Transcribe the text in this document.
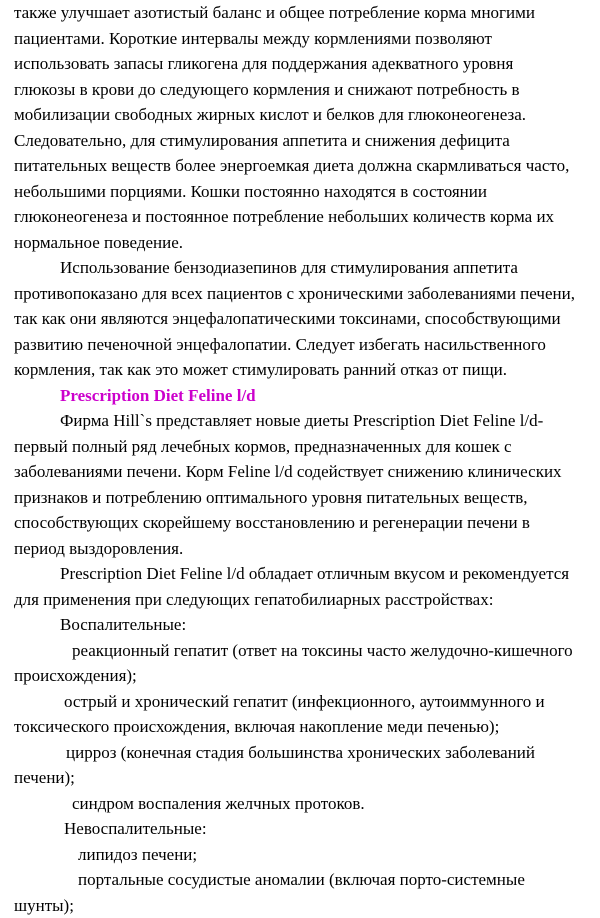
также улучшает азотистый баланс и общее потребление корма многими

пациентами. Короткие интервалы между кормлениями позволяют

использовать запасы гликогена для поддержания адекватного уровня

глюкозы в крови до следующего кормления и снижают потребность в

мобилизации свободных жирных кислот и белков для глюконеогенеза.

Следовательно, для стимулирования аппетита и снижения дефицита

питательных веществ более энергоемкая диета должна скармливаться часто,

небольшими порциями. Кошки постоянно находятся в состоянии

глюконеогенеза и постоянное потребление небольших количеств корма их

нормальное поведение.

Использование бензодиазепинов для стимулирования аппетита

противопоказано для всех пациентов с хроническими заболеваниями печени,

так как они являются энцефалопатическими токсинами, способствующими

развитию печеночной энцефалопатии. Следует избегать насильственного

кормления, так как это может стимулировать ранний отказ от пищи.

Prescription Diet Feline l/d

Фирма Hill`s представляет новые диеты Prescription Diet Feline l/d-

первый полный ряд лечебных кормов, предназначенных для кошек с

заболеваниями печени. Корм Feline l/d содействует снижению клинических

признаков и потреблению оптимального уровня питательных веществ,

способствующих скорейшему восстановлению и регенерации печени в

период выздоровления.

Prescription Diet Feline l/d обладает отличным вкусом и рекомендуется

для применения при следующих гепатобилиарных расстройствах:

Воспалительные:

реакционный гепатит (ответ на токсины часто желудочно-кишечного

происхождения);

острый и хронический гепатит (инфекционного, аутоиммунного и

токсического происхождения, включая накопление меди печенью);

цирроз (конечная стадия большинства хронических заболеваний

печени);

синдром воспаления желчных протоков.

Невоспалительные:

липидоз печени;

портальные сосудистые аномалии (включая порто-системные

шунты);
